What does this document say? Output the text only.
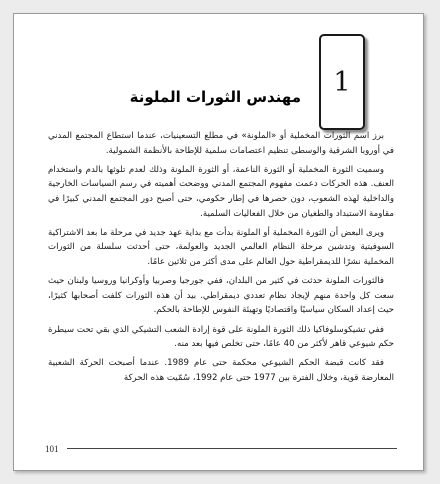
1
مهندس الثورات الملونة

برز اسم الثورات المخملية أو «الملونة» في مطلع التسعينيات، عندما استطاع المجتمع المدني في أوروبا الشرقية والوسطى تنظيم اعتصامات سلمية للإطاحة بالأنظمة الشمولية.

وسميت الثورة المخملية أو الثورة الناعمة، أو الثورة الملونة وذلك لعدم تلوثها بالدم واستخدام العنف. هذه الحركات دعمت مفهوم المجتمع المدني ووضحت أهميته في رسم السياسات الخارجية والداخلية لهذه الشعوب، دون حصرها في إطار حكومي، حتى أصبح دور المجتمع المدني كبيرًا في مقاومة الاستبداد والطغيان من خلال الفعاليات السلمية.

ويرى البعض أن الثورة المخملية أو الملونة بدأت مع بداية عهد جديد في مرحلة ما بعد الاشتراكية السوفيتية وتدشين مرحلة النظام العالمي الجديد والعولمة، حتى أحدثت سلسلة من الثورات المخملية نشرًا للديمقراطية حول العالم على مدى أكثر من ثلاثين عامًا.

فالثورات الملونة حدثت في كثير من البلدان، ففي جورجيا وصربيا وأوكرانيا وروسيا ولبنان حيث سعت كل واحدة منهم لإيجاد نظام تعددي ديمقراطي. بيد أن هذه الثورات كلفت أصحابها كثيرًا، حيث إعداد السكان سياسيًا واقتصاديًا وتهيئة النفوس للإطاحة بالحكم.

ففي تشيكوسلوفاكيا ذلك الثورة الملونة على قوة إرادة الشعب التشيكي الذي بقي تحت سيطرة حكم شيوعي قاهر لأكثر من 40 عامًا، حتى تخلص فيها بعد منه.

فقد كانت قبضة الحكم الشيوعي محكمة حتى عام 1989. عندما أصبحت الحركة الشعبية المعارضة قوية، وخلال الفترة بين 1977 حتى عام 1992، سُمّيت هذه الحركة

101
